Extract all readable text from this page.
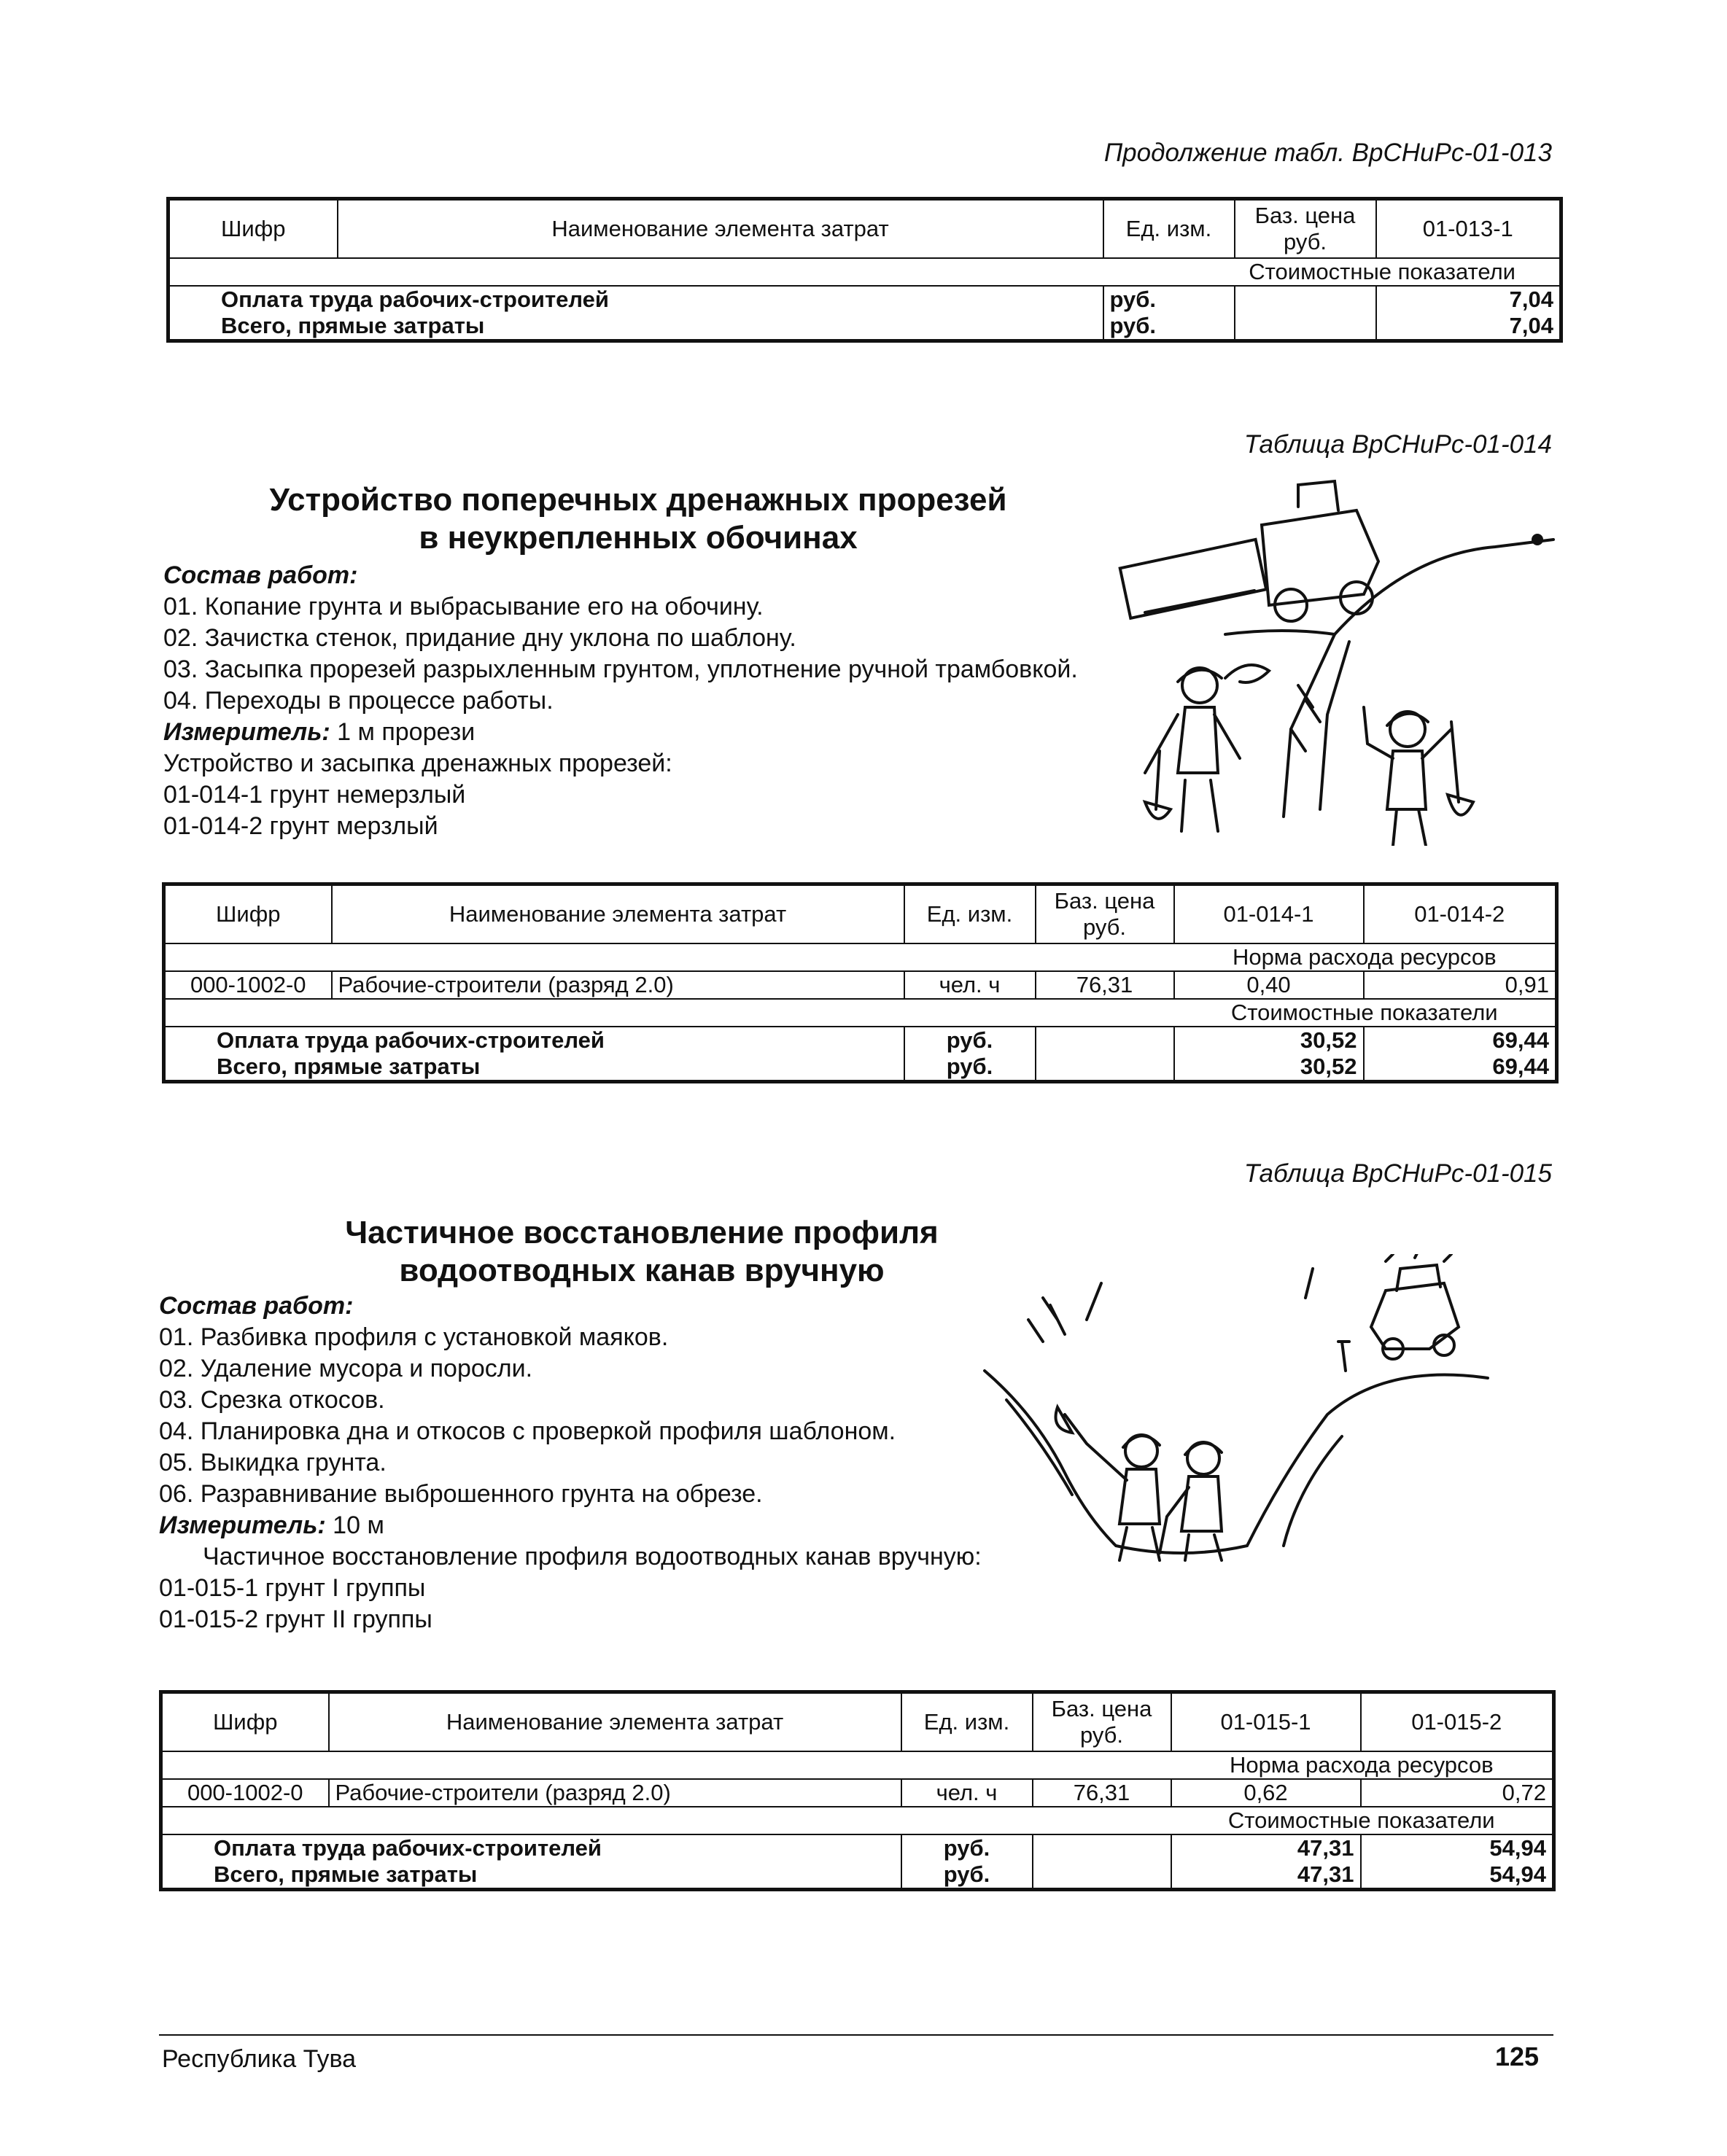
Продолжение табл. ВрСНиРс-01-013
Шифр	Наименование элемента затрат	Ед. изм.	Баз. цена руб.	01-013-1
			Стоимостные показатели	
Оплата труда рабочих-строителей		руб.		7,04
Всего, прямые затраты		руб.		7,04
Таблица ВрСНиРс-01-014
Устройство поперечных дренажных прорезей
в неукрепленных обочинах
Состав работ:
01. Копание грунта и выбрасывание его на обочину.
02. Зачистка стенок, придание дну уклона по шаблону.
03. Засыпка прорезей разрыхленным грунтом, уплотнение ручной трамбовкой.
04. Переходы в процессе работы.
Измеритель: 1 м прорези
Устройство и засыпка дренажных прорезей:
01-014-1 грунт немерзлый
01-014-2 грунт мерзлый
Шифр	Наименование элемента затрат	Ед. изм.	Баз. цена руб.	01-014-1	01-014-2
				Норма расхода ресурсов	
000-1002-0	Рабочие-строители (разряд 2.0)	чел. ч	76,31	0,40	0,91
				Стоимостные показатели	
Оплата труда рабочих-строителей		руб.		30,52	69,44
Всего, прямые затраты		руб.		30,52	69,44
Таблица ВрСНиРс-01-015
Частичное восстановление профиля
водоотводных канав вручную
Состав работ:
01. Разбивка профиля с установкой маяков.
02. Удаление мусора и поросли.
03. Срезка откосов.
04. Планировка дна и откосов с проверкой профиля шаблоном.
05. Выкидка грунта.
06. Разравнивание выброшенного грунта на обрезе.
Измеритель: 10 м
Частичное восстановление профиля водоотводных канав вручную:
01-015-1 грунт I группы
01-015-2 грунт II группы
Шифр	Наименование элемента затрат	Ед. изм.	Баз. цена руб.	01-015-1	01-015-2
				Норма расхода ресурсов	
000-1002-0	Рабочие-строители (разряд 2.0)	чел. ч	76,31	0,62	0,72
				Стоимостные показатели	
Оплата труда рабочих-строителей		руб.		47,31	54,94
Всего, прямые затраты		руб.		47,31	54,94
Республика Тува	125
